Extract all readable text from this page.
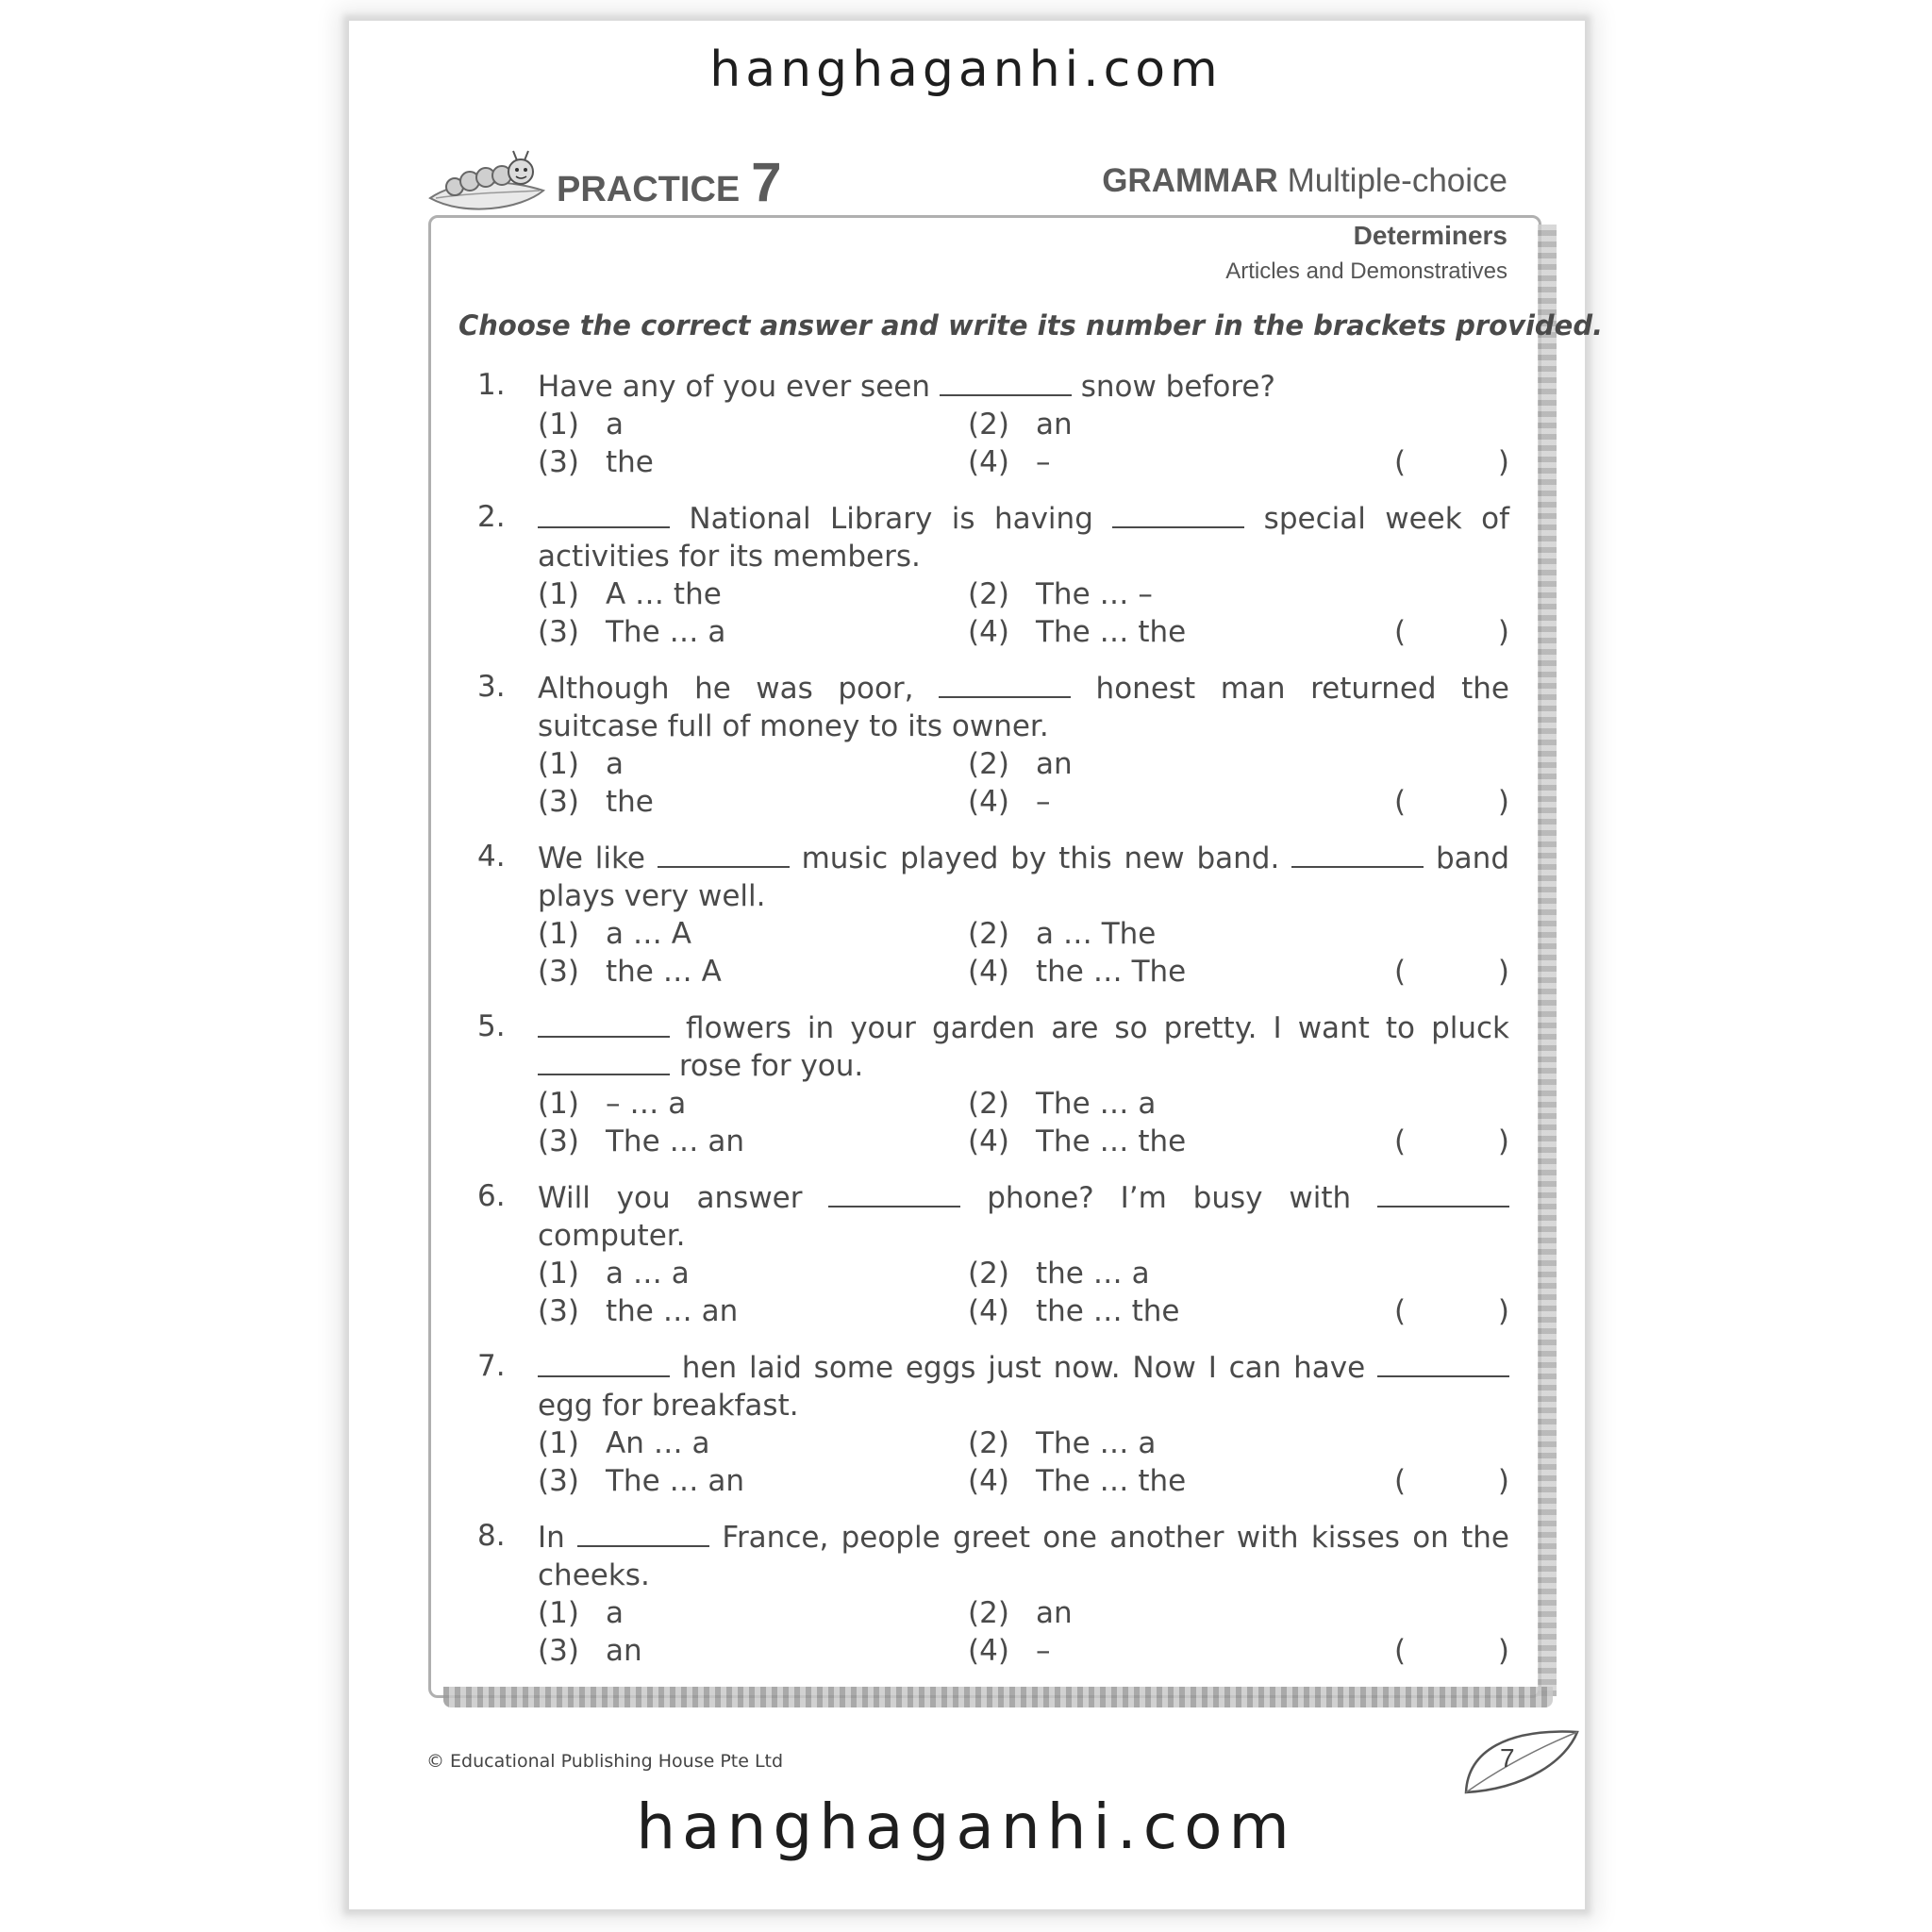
hanghaganhi.com
PRACTICE 7	GRAMMAR Multiple-choice
Determiners
Articles and Demonstratives
Choose the correct answer and write its number in the brackets provided.
1.	Have any of you ever seen	snow before?
(1) a	(2) an
(3) the	(4) –	(	)
2.	National Library is having	special week of activities for its members.
(1) A … the	(2) The … –
(3) The … a	(4) The … the	(	)
3.	Although he was poor,	honest man returned the suitcase full of money to its owner.
(1) a	(2) an
(3) the	(4) –	(	)
4.	We like	music played by this new band.	band plays very well.
(1) a … A	(2) a … The
(3) the … A	(4) the … The	(	)
5.	flowers in your garden are so pretty. I want to pluck  rose for you.
(1) – … a	(2) The … a
(3) The … an	(4) The … the	(	)
6.	Will you answer	phone? I’m busy with  computer.
(1) a … a	(2) the … a
(3) the … an	(4) the … the	(	)
7.	hen laid some eggs just now. Now I can have  egg for breakfast.
(1) An … a	(2) The … a
(3) The … an	(4) The … the	(	)
8.	In	France, people greet one another with kisses on the cheeks.
(1) a	(2) an
(3) an	(4) –	(	)
© Educational Publishing House Pte Ltd	7
hanghaganhi.com
